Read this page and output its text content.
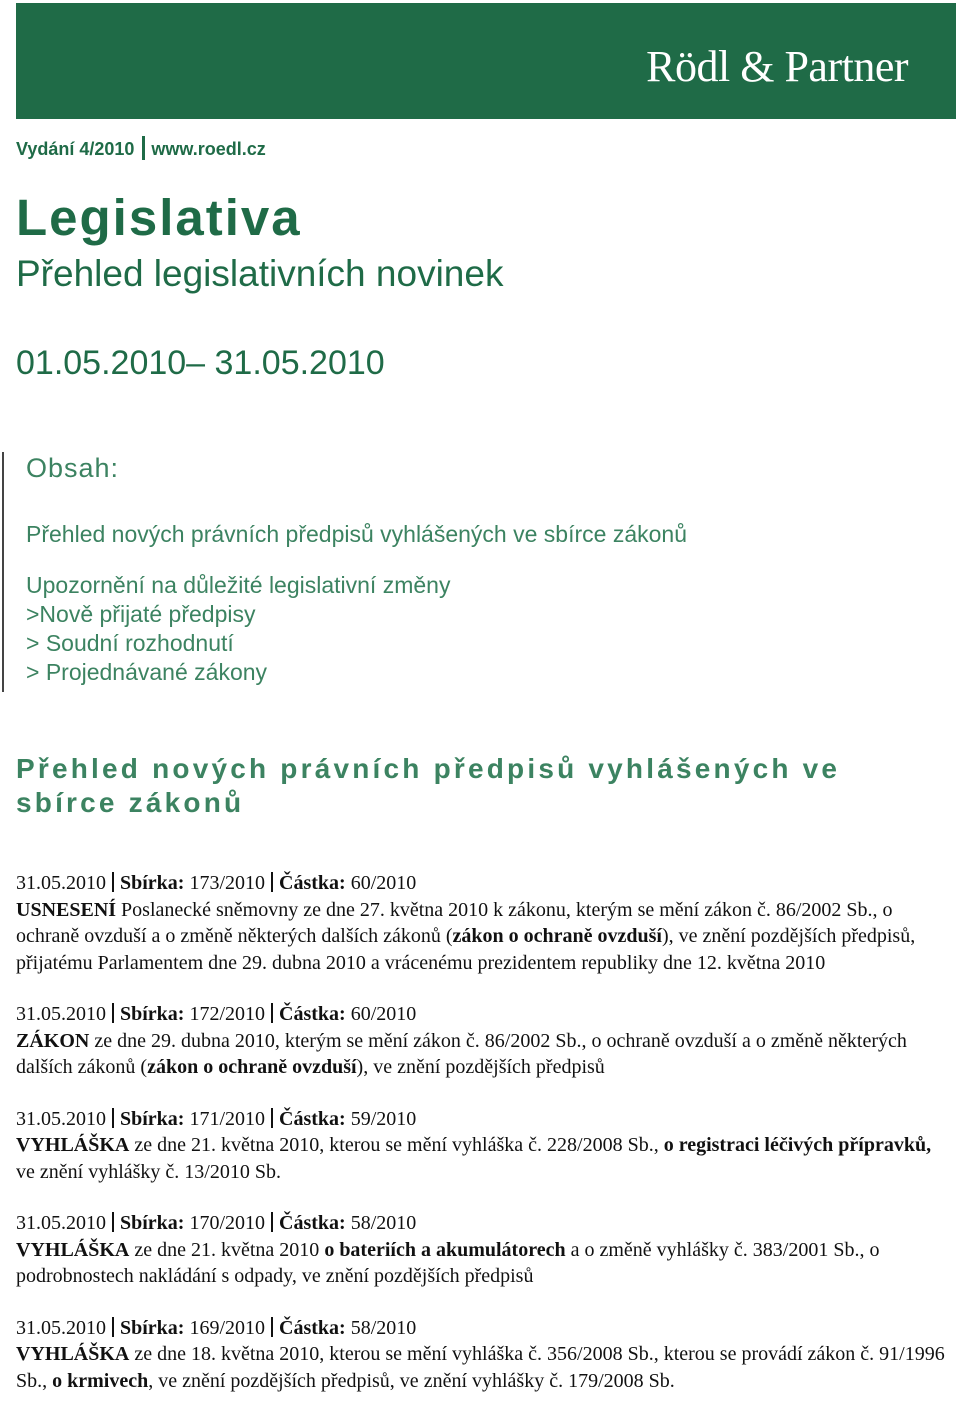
Rödl & Partner
Vydání 4/2010 www.roedl.cz
Legislativa
Přehled legislativních novinek
01.05.2010– 31.05.2010
Obsah:
Přehled nových právních předpisů vyhlášených ve sbírce zákonů
Upozornění na důležité legislativní změny
>Nově přijaté předpisy
> Soudní rozhodnutí
> Projednávané zákony
Přehled nových právních předpisů vyhlášených ve sbírce zákonů
31.05.2010 Sbírka: 173/2010 Částka: 60/2010
USNESENÍ Poslanecké sněmovny ze dne 27. května 2010 k zákonu, kterým se mění zákon č. 86/2002 Sb., o ochraně ovzduší a o změně některých dalších zákonů (zákon o ochraně ovzduší), ve znění pozdějších předpisů, přijatému Parlamentem dne 29. dubna 2010 a vrácenému prezidentem republiky dne 12. května 2010
31.05.2010 Sbírka: 172/2010 Částka: 60/2010
ZÁKON ze dne 29. dubna 2010, kterým se mění zákon č. 86/2002 Sb., o ochraně ovzduší a o změně některých dalších zákonů (zákon o ochraně ovzduší), ve znění pozdějších předpisů
31.05.2010 Sbírka: 171/2010 Částka: 59/2010
VYHLÁŠKA ze dne 21. května 2010, kterou se mění vyhláška č. 228/2008 Sb., o registraci léčivých přípravků, ve znění vyhlášky č. 13/2010 Sb.
31.05.2010 Sbírka: 170/2010 Částka: 58/2010
VYHLÁŠKA ze dne 21. května 2010 o bateriích a akumulátorech a o změně vyhlášky č. 383/2001 Sb., o podrobnostech nakládání s odpady, ve znění pozdějších předpisů
31.05.2010 Sbírka: 169/2010 Částka: 58/2010
VYHLÁŠKA ze dne 18. května 2010, kterou se mění vyhláška č. 356/2008 Sb., kterou se provádí zákon č. 91/1996 Sb., o krmivech, ve znění pozdějších předpisů, ve znění vyhlášky č. 179/2008 Sb.
